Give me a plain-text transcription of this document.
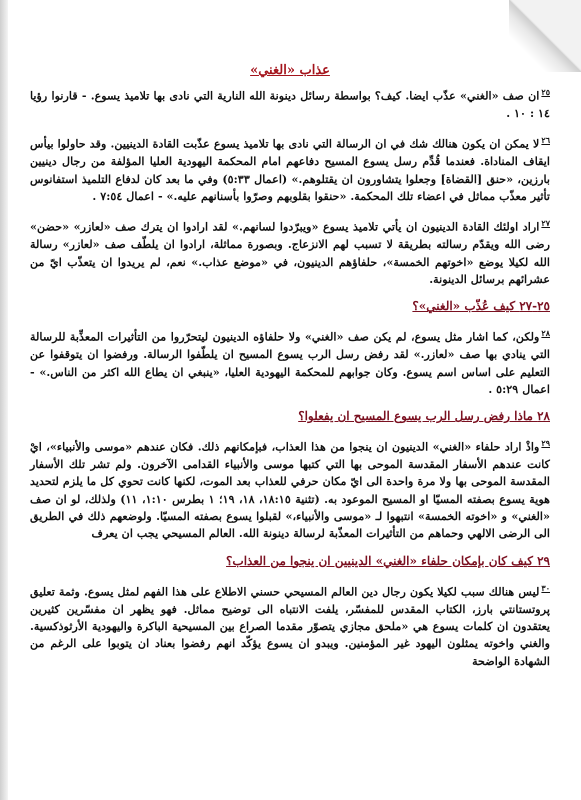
عذاب «الغني»

$^{٢٥}$ان صف «الغني» عذّب ايضا. كيف؟ بواسطة رسائل دينونة الله النارية التي نادى بها تلاميذ يسوع. - قارنوا رؤيا ١٤ : ١٠ .

$^{٢٦}$لا يمكن ان يكون هنالك شك في ان الرسالة التي نادى بها تلاميذ يسوع عذّبت القادة الدينيين. وقد حاولوا بيأس ايقاف المناداة. فعندما قُدِّم رسل يسوع المسيح دفاعهم امام المحكمة اليهودية العليا المؤلفة من رجال دينيين بارزين، «حنق [القضاة] وجعلوا يتشاورون ان يقتلوهم.» (اعمال ٥:٣٣) وفي ما بعد كان لدفاع التلميذ استفانوس تأثير معذّب مماثل في اعضاء تلك المحكمة. «حنقوا بقلوبهم وصرّوا بأسنانهم عليه.» - اعمال ٧:٥٤ .

$^{٢٧}$اراد اولئك القادة الدينيون ان يأتي تلاميذ يسوع «ويبرّدوا لسانهم.» لقد ارادوا ان يترك صف «لعازر» «حضن» رضى الله ويقدّم رسالته بطريقة لا تسبب لهم الانزعاج. وبصورة مماثلة، ارادوا ان يلطّف صف «لعازر» رسالة الله لكيلا يوضع «اخوتهم الخمسة»، حلفاؤهم الدينيون، في «موضع عذاب.» نعم، لم يريدوا ان يتعذّب ايّ من عشرائهم برسائل الدينونة.

٢٥-٢٧ كيف عُذّب «الغني»؟

$^{٢٨}$ولكن، كما اشار مثل يسوع، لم يكن صف «الغني» ولا حلفاؤه الدينيون ليتحرّروا من التأثيرات المعذِّبة للرسالة التي ينادي بها صف «لعازر.» لقد رفض رسل الرب يسوع المسيح ان يلطّفوا الرسالة. ورفضوا ان يتوقفوا عن التعليم على اساس اسم يسوع. وكان جوابهم للمحكمة اليهودية العليا، «ينبغي ان يطاع الله اكثر من الناس.» - اعمال ٥:٢٩ .

٢٨ ماذا رفض رسل الرب يسوع المسيح ان يفعلوا؟

$^{٢٩}$واذْ اراد حلفاء «الغني» الدينيون ان ينجوا من هذا العذاب، فبإمكانهم ذلك. فكان عندهم «موسى والأنبياء»، ايْ كانت عندهم الأسفار المقدسة الموحى بها التي كتبها موسى والأنبياء القدامى الآخرون. ولم تشر تلك الأسفار المقدسة الموحى بها ولا مرة واحدة الى ايّ مكان حرفي للعذاب بعد الموت، لكنها كانت تحوي كل ما يلزم لتحديد هوية يسوع بصفته المسيّا او المسيح الموعود به. (تثنية ١٨:١٥، ١٨، ١٩؛ ١ بطرس ١:١٠، ١١) ولذلك، لو ان صف «الغني» و «اخوته الخمسة» انتبهوا لـ «موسى والأنبياء،» لقبلوا يسوع بصفته المسيّا. ولوضعهم ذلك في الطريق الى الرضى الالهي وحماهم من التأثيرات المعذّبة لرسالة دينونة الله. العالم المسيحي يجب ان يعرف

٢٩ كيف كان بإمكان حلفاء «الغني» الدينيين ان ينجوا من العذاب؟

$^{٣٠}$ليس هنالك سبب لكيلا يكون رجال دين العالم المسيحي حسني الاطلاع على هذا الفهم لمثل يسوع. وثمة تعليق پروتستانتي بارز، الكتاب المقدس للمفسّر، يلفت الانتباه الى توضيح مماثل. فهو يظهر ان مفسّرين كثيرين يعتقدون ان كلمات يسوع هي «ملحق مجازي يتصوّر مقدما الصراع بين المسيحية الباكرة واليهودية الأرثوذكسية. والغني واخوته يمثلون اليهود غير المؤمنين. ويبدو ان يسوع يؤكّد انهم رفضوا بعناد ان يتوبوا على الرغم من الشهادة الواضحة
